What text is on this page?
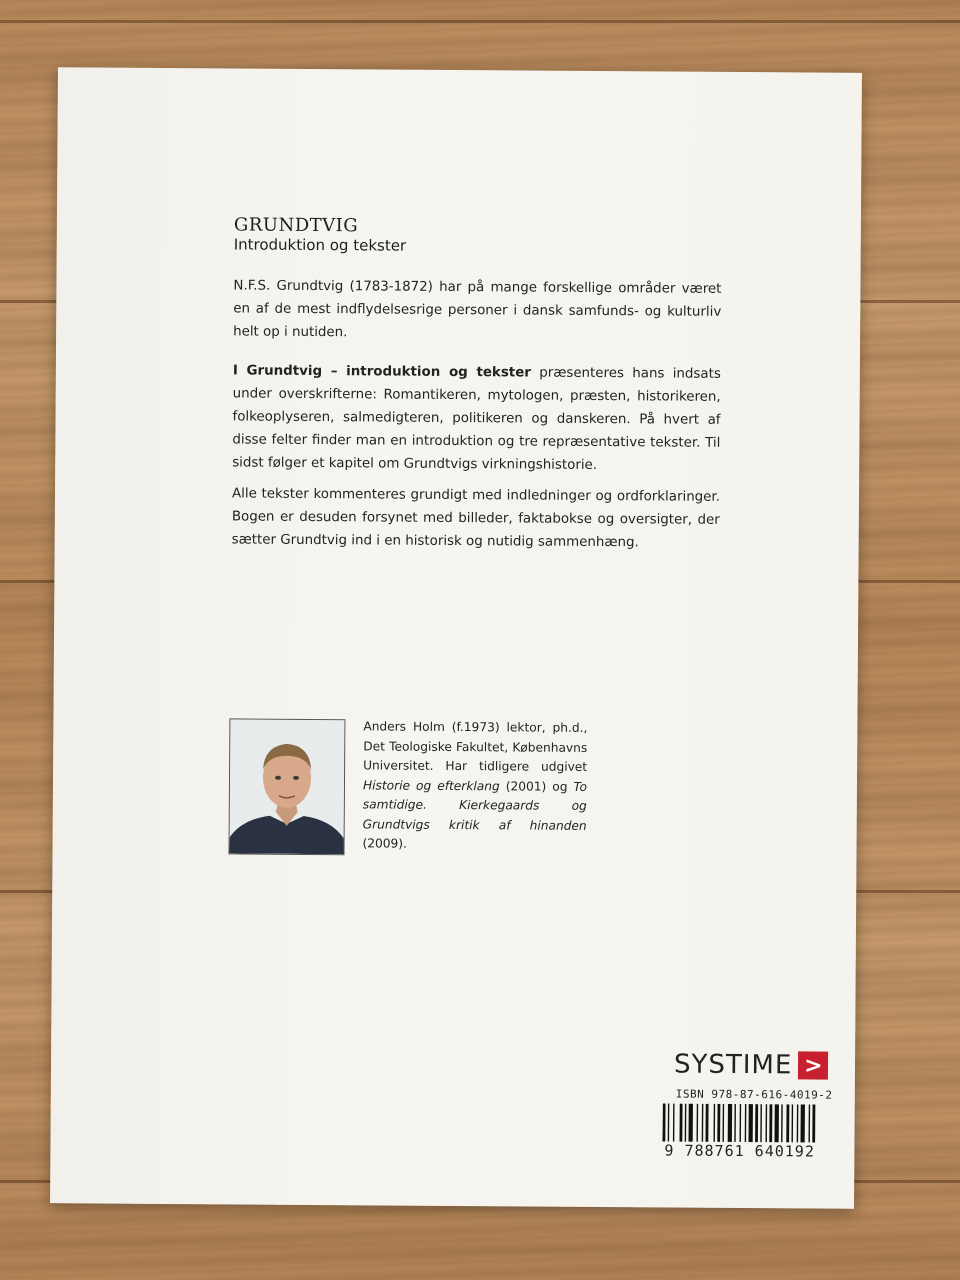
GRUNDTVIG
Introduktion og tekster

N.F.S. Grundtvig (1783-1872) har på mange forskellige områder været en af de mest indflydelsesrige personer i dansk samfunds- og kulturliv helt op i nutiden.

I Grundtvig – introduktion og tekster præsenteres hans indsats under overskrifterne: Romantikeren, mytologen, præsten, historikeren, folkeoplyseren, salmedigteren, politikeren og danskeren. På hvert af disse felter finder man en introduktion og tre repræsentative tekster. Til sidst følger et kapitel om Grundtvigs virkningshistorie.

Alle tekster kommenteres grundigt med indledninger og ordforklaringer. Bogen er desuden forsynet med billeder, faktabokse og oversigter, der sætter Grundtvig ind i en historisk og nutidig sammenhæng.

Anders Holm (f.1973) lektor, ph.d., Det Teologiske Fakultet, Københavns Universitet. Har tidligere udgivet Historie og efterklang (2001) og To samtidige. Kierkegaards og Grundtvigs kritik af hinanden (2009).

SYSTIME >
ISBN 978-87-616-4019-2
9 788761 640192
